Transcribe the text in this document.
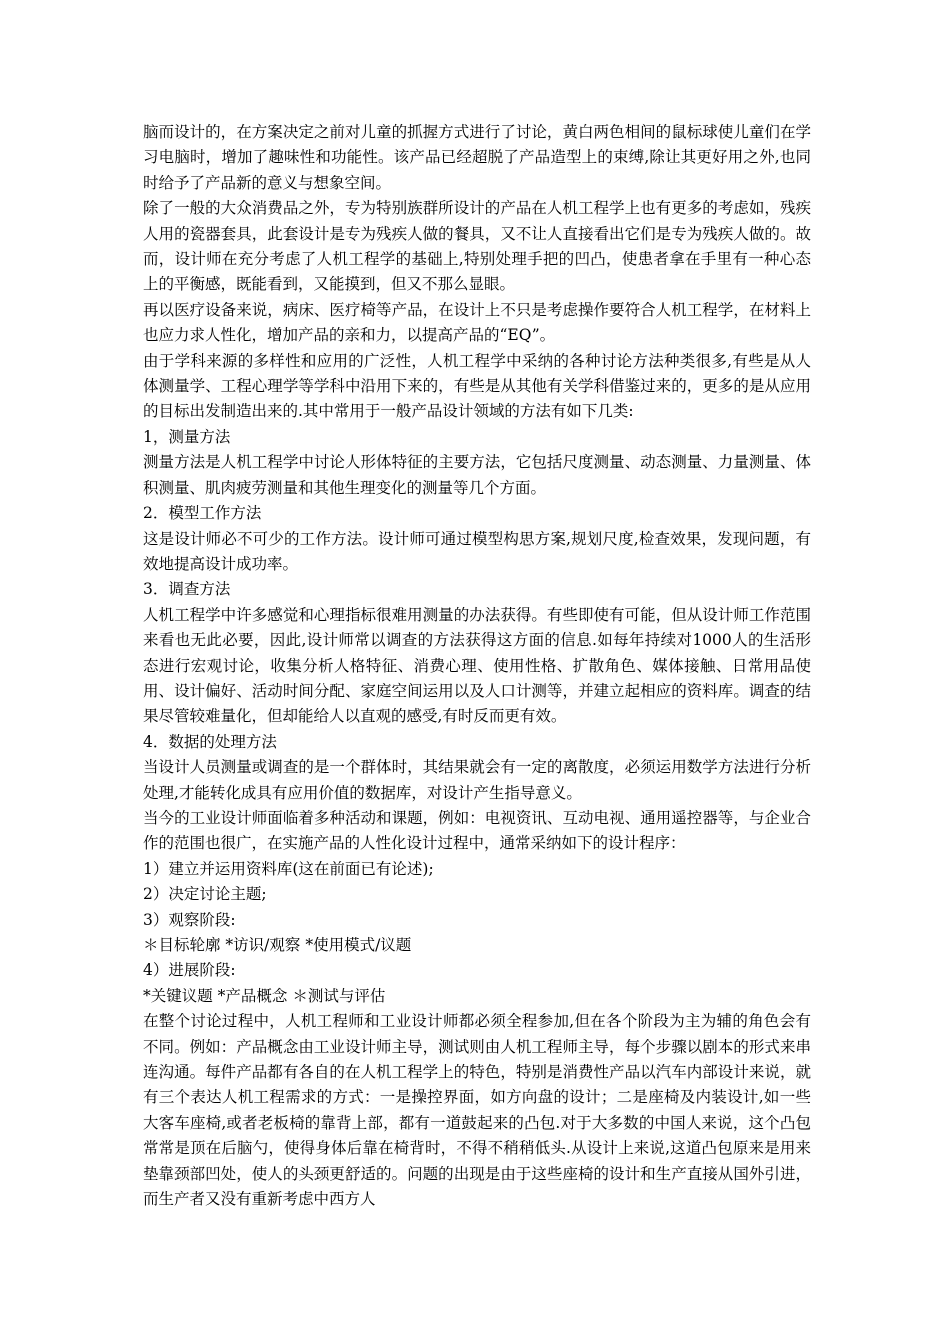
脑而设计的，在方案决定之前对儿童的抓握方式进行了讨论，黄白两色相间的鼠标球使儿童们在学习电脑时，增加了趣味性和功能性。该产品已经超脱了产品造型上的束缚,除让其更好用之外,也同时给予了产品新的意义与想象空间。

除了一般的大众消费品之外，专为特别族群所设计的产品在人机工程学上也有更多的考虑如，残疾人用的瓷器套具，此套设计是专为残疾人做的餐具，又不让人直接看出它们是专为残疾人做的。故而，设计师在充分考虑了人机工程学的基础上,特别处理手把的凹凸，使患者拿在手里有一种心态上的平衡感，既能看到，又能摸到，但又不那么显眼。

再以医疗设备来说，病床、医疗椅等产品，在设计上不只是考虑操作要符合人机工程学，在材料上也应力求人性化，增加产品的亲和力，以提高产品的“EQ”。

由于学科来源的多样性和应用的广泛性，人机工程学中采纳的各种讨论方法种类很多,有些是从人体测量学、工程心理学等学科中沿用下来的，有些是从其他有关学科借鉴过来的，更多的是从应用的目标出发制造出来的.其中常用于一般产品设计领域的方法有如下几类:

1，测量方法

测量方法是人机工程学中讨论人形体特征的主要方法，它包括尺度测量、动态测量、力量测量、体积测量、肌肉疲劳测量和其他生理变化的测量等几个方面。

2．模型工作方法

这是设计师必不可少的工作方法。设计师可通过模型构思方案,规划尺度,检查效果，发现问题，有效地提高设计成功率。

3．调查方法

人机工程学中许多感觉和心理指标很难用测量的办法获得。有些即使有可能，但从设计师工作范围来看也无此必要，因此,设计师常以调查的方法获得这方面的信息.如每年持续对1000人的生活形态进行宏观讨论，收集分析人格特征、消费心理、使用性格、扩散角色、媒体接触、日常用品使用、设计偏好、活动时间分配、家庭空间运用以及人口计测等，并建立起相应的资料库。调查的结果尽管较难量化，但却能给人以直观的感受,有时反而更有效。

4．数据的处理方法

当设计人员测量或调查的是一个群体时，其结果就会有一定的离散度，必须运用数学方法进行分析处理,才能转化成具有应用价值的数据库，对设计产生指导意义。

当今的工业设计师面临着多种活动和课题，例如：电视资讯、互动电视、通用遥控器等，与企业合作的范围也很广，在实施产品的人性化设计过程中，通常采纳如下的设计程序：

1）建立并运用资料库(这在前面已有论述);

2）决定讨论主题;

3）观察阶段:

＊目标轮廓 *访识/观察 *使用模式/议题

4）进展阶段:

*关键议题 *产品概念 ＊测试与评估

在整个讨论过程中，人机工程师和工业设计师都必须全程参加,但在各个阶段为主为辅的角色会有不同。例如：产品概念由工业设计师主导，测试则由人机工程师主导，每个步骤以剧本的形式来串连沟通。每件产品都有各自的在人机工程学上的特色，特别是消费性产品以汽车内部设计来说，就有三个表达人机工程需求的方式：一是操控界面，如方向盘的设计；二是座椅及内装设计,如一些大客车座椅,或者老板椅的靠背上部，都有一道鼓起来的凸包.对于大多数的中国人来说，这个凸包常常是顶在后脑勺，使得身体后靠在椅背时，不得不稍稍低头.从设计上来说,这道凸包原来是用来垫靠颈部凹处，使人的头颈更舒适的。问题的出现是由于这些座椅的设计和生产直接从国外引进，而生产者又没有重新考虑中西方人
